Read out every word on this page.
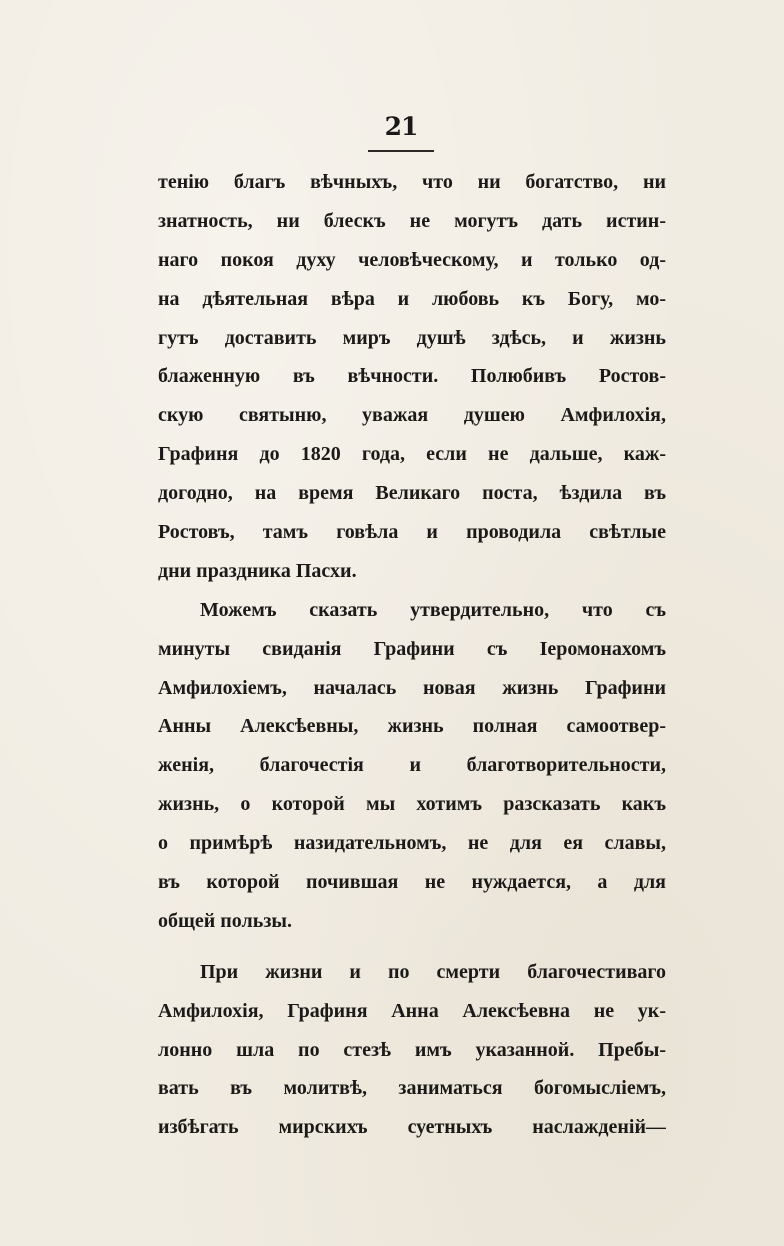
21
тенію благъ вѣчныхъ, что ни богатство, ни
знатность, ни блескъ не могутъ дать истин-
наго покоя духу человѣческому, и только од-
на дѣятельная вѣра и любовь къ Богу, мо-
гутъ доставить миръ душѣ здѣсь, и жизнь
блаженную въ вѣчности. Полюбивъ Ростов-
скую святыню, уважая душею Амфилохія,
Графиня до 1820 года, если не дальше, каж-
догодно, на время Великаго поста, ѣздила въ
Ростовъ, тамъ говѣла и проводила свѣтлые
дни праздника Пасхи.
Можемъ сказать утвердительно, что съ
минуты свиданія Графини съ Іеромонахомъ
Амфилохіемъ, началась новая жизнь Графини
Анны Алексѣевны, жизнь полная самоотвер-
женія, благочестія и благотворительности,
жизнь, о которой мы хотимъ разсказать какъ
о примѣрѣ назидательномъ, не для ея славы,
въ которой почившая не нуждается, а для
общей пользы.
При жизни и по смерти благочестиваго
Амфилохія, Графиня Анна Алексѣевна не ук-
лонно шла по стезѣ имъ указанной. Пребы-
вать въ молитвѣ, заниматься богомысліемъ,
избѣгать мирскихъ суетныхъ наслажденій—
